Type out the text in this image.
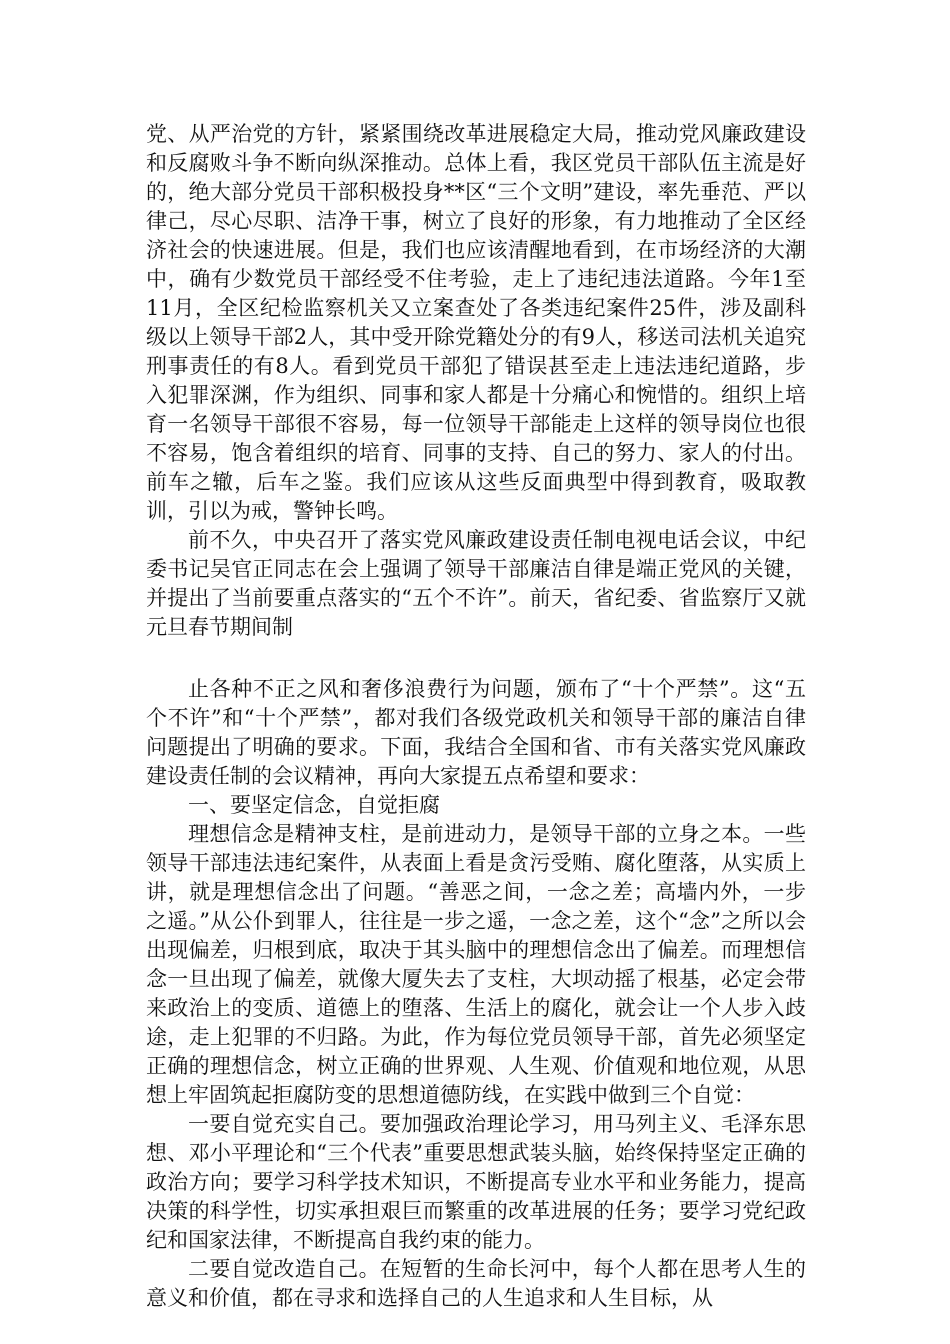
党、从严治党的方针，紧紧围绕改革进展稳定大局，推动党风廉政建设和反腐败斗争不断向纵深推动。总体上看，我区党员干部队伍主流是好的，绝大部分党员干部积极投身**区“三个文明”建设，率先垂范、严以律己，尽心尽职、洁净干事，树立了良好的形象，有力地推动了全区经济社会的快速进展。但是，我们也应该清醒地看到，在市场经济的大潮中，确有少数党员干部经受不住考验，走上了违纪违法道路。今年1至11月，全区纪检监察机关又立案查处了各类违纪案件25件，涉及副科级以上领导干部2人，其中受开除党籍处分的有9人，移送司法机关追究刑事责任的有8人。看到党员干部犯了错误甚至走上违法违纪道路，步入犯罪深渊，作为组织、同事和家人都是十分痛心和惋惜的。组织上培育一名领导干部很不容易，每一位领导干部能走上这样的领导岗位也很不容易，饱含着组织的培育、同事的支持、自己的努力、家人的付出。前车之辙，后车之鉴。我们应该从这些反面典型中得到教育，吸取教训，引以为戒，警钟长鸣。

前不久，中央召开了落实党风廉政建设责任制电视电话会议，中纪委书记吴官正同志在会上强调了领导干部廉洁自律是端正党风的关键，并提出了当前要重点落实的“五个不许”。前天，省纪委、省监察厅又就元旦春节期间制

止各种不正之风和奢侈浪费行为问题，颁布了“十个严禁”。这“五个不许”和“十个严禁”，都对我们各级党政机关和领导干部的廉洁自律问题提出了明确的要求。下面，我结合全国和省、市有关落实党风廉政建设责任制的会议精神，再向大家提五点希望和要求：

一、要坚定信念，自觉拒腐

理想信念是精神支柱，是前进动力，是领导干部的立身之本。一些领导干部违法违纪案件，从表面上看是贪污受贿、腐化堕落，从实质上讲，就是理想信念出了问题。“善恶之间，一念之差；高墙内外，一步之遥。”从公仆到罪人，往往是一步之遥，一念之差，这个“念”之所以会出现偏差，归根到底，取决于其头脑中的理想信念出了偏差。而理想信念一旦出现了偏差，就像大厦失去了支柱，大坝动摇了根基，必定会带来政治上的变质、道德上的堕落、生活上的腐化，就会让一个人步入歧途，走上犯罪的不归路。为此，作为每位党员领导干部，首先必须坚定正确的理想信念，树立正确的世界观、人生观、价值观和地位观，从思想上牢固筑起拒腐防变的思想道德防线，在实践中做到三个自觉：

一要自觉充实自己。要加强政治理论学习，用马列主义、毛泽东思想、邓小平理论和“三个代表”重要思想武装头脑，始终保持坚定正确的政治方向；要学习科学技术知识，不断提高专业水平和业务能力，提高决策的科学性，切实承担艰巨而繁重的改革进展的任务；要学习党纪政纪和国家法律，不断提高自我约束的能力。

二要自觉改造自己。在短暂的生命长河中，每个人都在思考人生的意义和价值，都在寻求和选择自己的人生追求和人生目标，从
